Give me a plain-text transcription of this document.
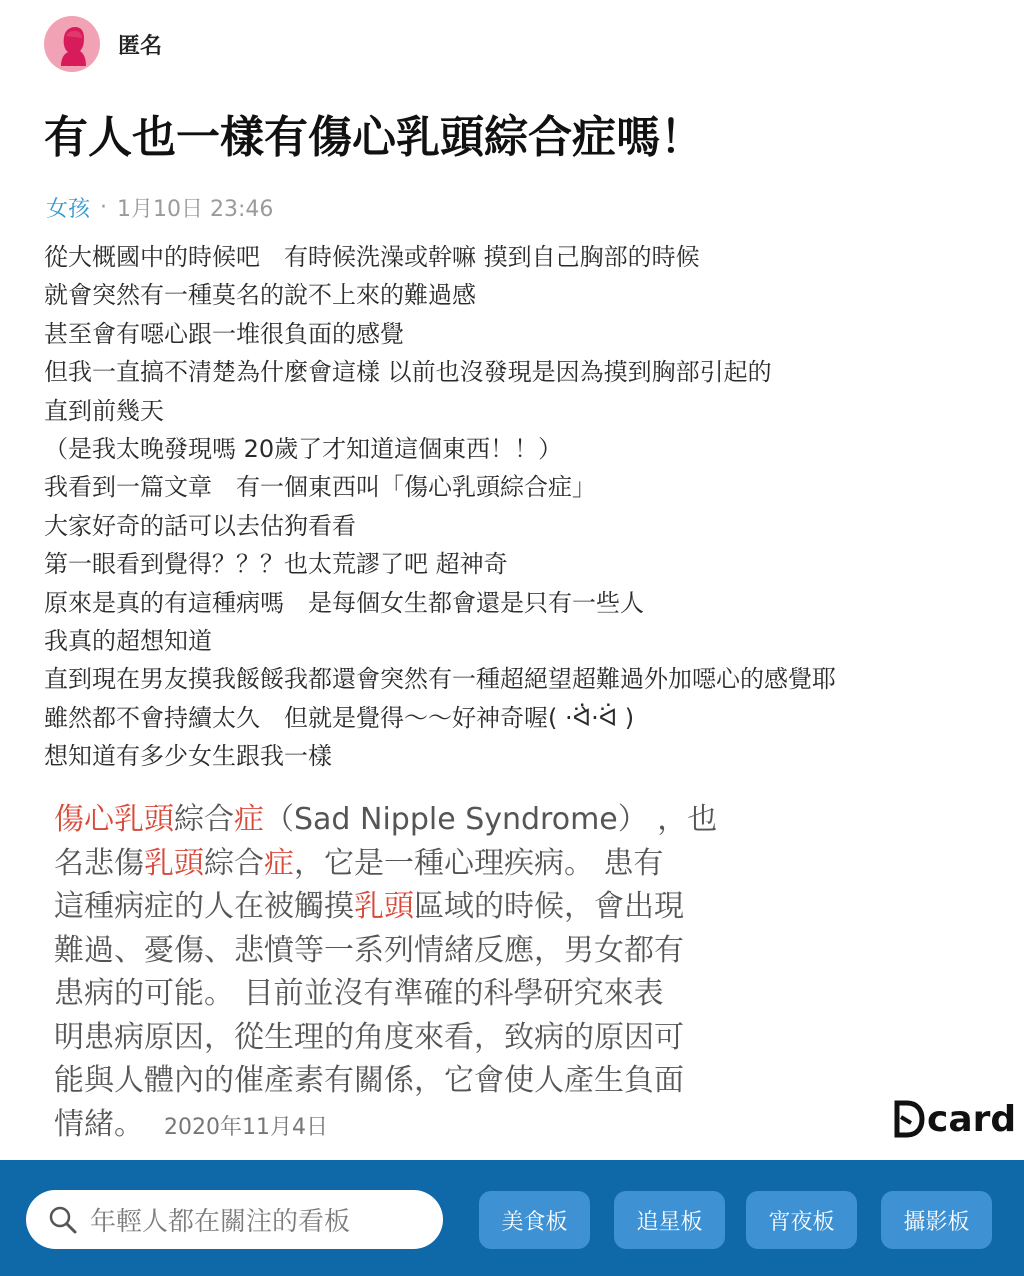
匿名
有人也一樣有傷心乳頭綜合症嗎！
女孩 · 1月10日 23:46
從大概國中的時候吧　有時候洗澡或幹嘛 摸到自己胸部的時候
就會突然有一種莫名的說不上來的難過感
甚至會有噁心跟一堆很負面的感覺
但我一直搞不清楚為什麼會這樣 以前也沒發現是因為摸到胸部引起的
直到前幾天
（是我太晚發現嗎 20歲了才知道這個東西！！）
我看到一篇文章　有一個東西叫「傷心乳頭綜合症」
大家好奇的話可以去估狗看看
第一眼看到覺得？？？也太荒謬了吧 超神奇
原來是真的有這種病嗎　是每個女生都會還是只有一些人
我真的超想知道
直到現在男友摸我餒餒我都還會突然有一種超絕望超難過外加噁心的感覺耶
雖然都不會持續太久　但就是覺得～～好神奇喔( ·ᐛ̀·ᐛ )
想知道有多少女生跟我一樣
傷心乳頭綜合症（Sad Nipple Syndrome） ，也
名悲傷乳頭綜合症，它是一種心理疾病。 患有
這種病症的人在被觸摸乳頭區域的時候，會出現
難過、憂傷、悲憤等一系列情緒反應，男女都有
患病的可能。 目前並沒有準確的科學研究來表
明患病原因，從生理的角度來看，致病的原因可
能與人體內的催產素有關係，它會使人產生負面
情緒。 2020年11月4日	card
年輕人都在關注的看板	美食板	追星板	宵夜板	攝影板
